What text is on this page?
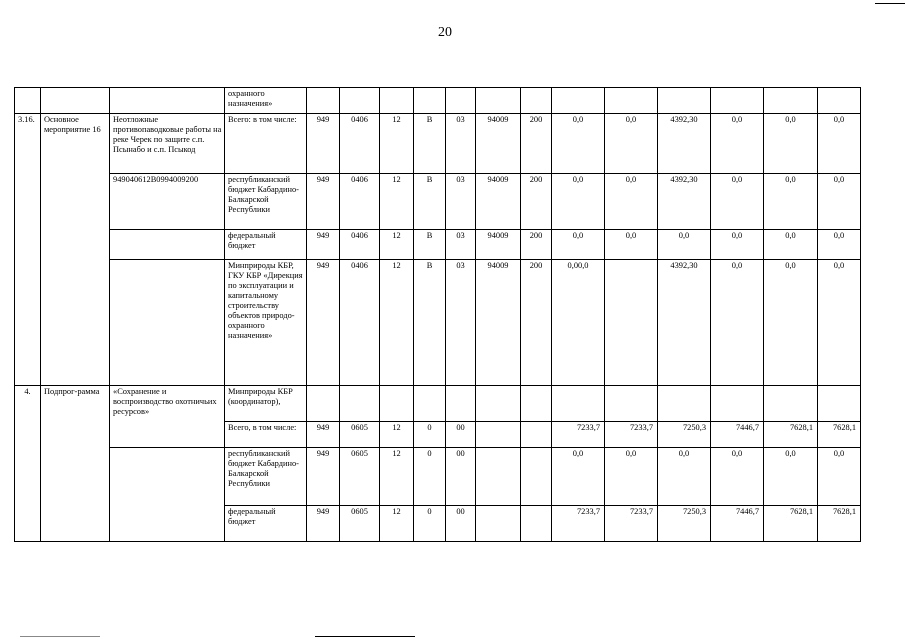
20
			охранного назначения»													
3.16.	Основное мероприятие 16	Неотложные противопаводковые работы на реке Черек по защите с.п. Псынабо и с.п. Псыкод	Всего: в том числе:	949	0406	12	В	03	94009	200	0,0	0,0	4392,30	0,0	0,0	0,0
		949040612В0994009200	республиканский бюджет Кабардино-Балкарской Республики	949	0406	12	В	03	94009	200	0,0	0,0	4392,30	0,0	0,0	0,0
			федеральный бюджет	949	0406	12	В	03	94009	200	0,0	0,0	0,0	0,0	0,0	0,0
			Минприроды КБР, ГКУ КБР «Дирекция по эксплуатации и капитальному строительству объектов природо-охранного назначения»	949	0406	12	В	03	94009	200	0,00,0		4392,30	0,0	0,0	0,0
4.	Подпрог-рамма	«Сохранение и воспроизводство охотничьих ресурсов»	Минприроды КБР (координатор),													
			Всего, в том числе:	949	0605	12	0	00			7233,7	7233,7	7250,3	7446,7	7628,1	7628,1
			республиканский бюджет Кабардино-Балкарской Республики	949	0605	12	0	00			0,0	0,0	0,0	0,0	0,0	0,0
			федеральный бюджет	949	0605	12	0	00			7233,7	7233,7	7250,3	7446,7	7628,1	7628,1
